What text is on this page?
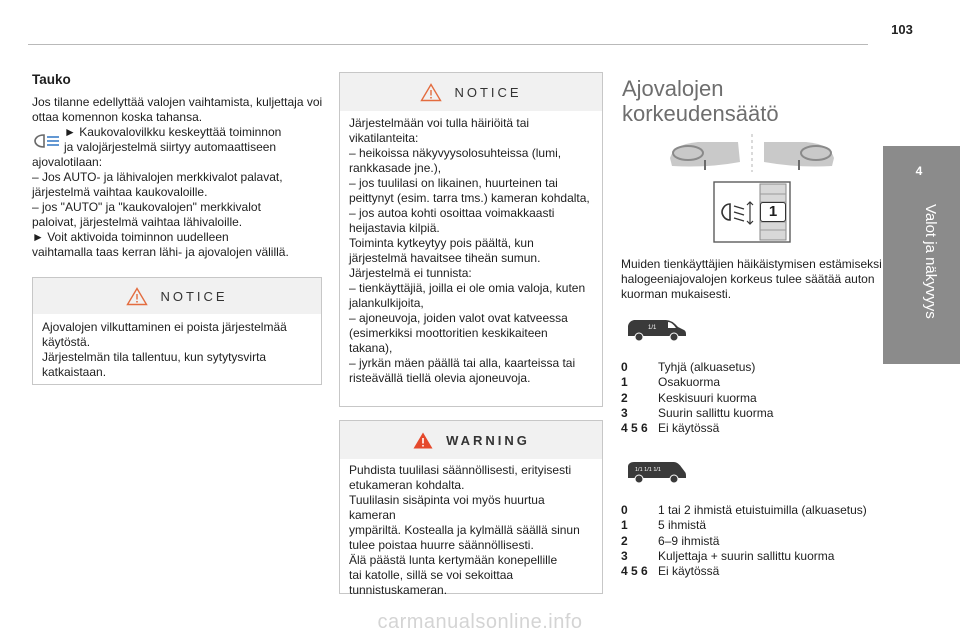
103
4
Valot ja näkyvyys
Tauko
Jos tilanne edellyttää valojen vaihtamista, kuljettaja voi ottaa komennon koska tahansa.
► Kaukovalovilkku keskeyttää toiminnon
ja valojärjestelmä siirtyy automaattiseen
ajovalotilaan:
– Jos AUTO- ja lähivalojen merkkivalot palavat,
järjestelmä vaihtaa kaukovaloille.
– jos "AUTO" ja "kaukovalojen" merkkivalot
paloivat, järjestelmä vaihtaa lähivaloille.
► Voit aktivoida toiminnon uudelleen
vaihtamalla taas kerran lähi- ja ajovalojen välillä.
NOTICE
Ajovalojen vilkuttaminen ei poista järjestelmää
käytöstä.
Järjestelmän tila tallentuu, kun sytytysvirta
katkaistaan.
NOTICE
Järjestelmään voi tulla häiriöitä tai
vikatilanteita:
– heikoissa näkyvyysolosuhteissa (lumi,
rankkasade jne.),
– jos tuulilasi on likainen, huurteinen tai
peittynyt (esim. tarra tms.) kameran kohdalta,
– jos autoa kohti osoittaa voimakkaasti
heijastavia kilpiä.
Toiminta kytkeytyy pois päältä, kun
järjestelmä havaitsee tiheän sumun.
Järjestelmä ei tunnista:
– tienkäyttäjiä, joilla ei ole omia valoja, kuten
jalankulkijoita,
– ajoneuvoja, joiden valot ovat katveessa
(esimerkiksi moottoritien keskikaiteen
takana),
– jyrkän mäen päällä tai alla, kaarteissa tai
risteävällä tiellä olevia ajoneuvoja.
WARNING
Puhdista tuulilasi säännöllisesti, erityisesti
etukameran kohdalta.
Tuulilasin sisäpinta voi myös huurtua kameran
ympäriltä. Kostealla ja kylmällä säällä sinun
tulee poistaa huurre säännöllisesti.
Älä päästä lunta kertymään konepellille
tai katolle, sillä se voi sekoittaa
tunnistuskameran.
Ajovalojen
korkeudensäätö
1
Muiden tienkäyttäjien häikäistymisen estämiseksi halogeeniajovalojen korkeus tulee säätää auton kuorman mukaisesti.
1/1
0	Tyhjä (alkuasetus)
1	Osakuorma
2	Keskisuuri kuorma
3	Suurin sallittu kuorma
4 5 6 Ei käytössä
1/1 1/1 1/1
0	1 tai 2 ihmistä etuistuimilla (alkuasetus)
1	5 ihmistä
2	6–9 ihmistä
3	Kuljettaja + suurin sallittu kuorma
4 5 6 Ei käytössä
carmanualsonline.info
